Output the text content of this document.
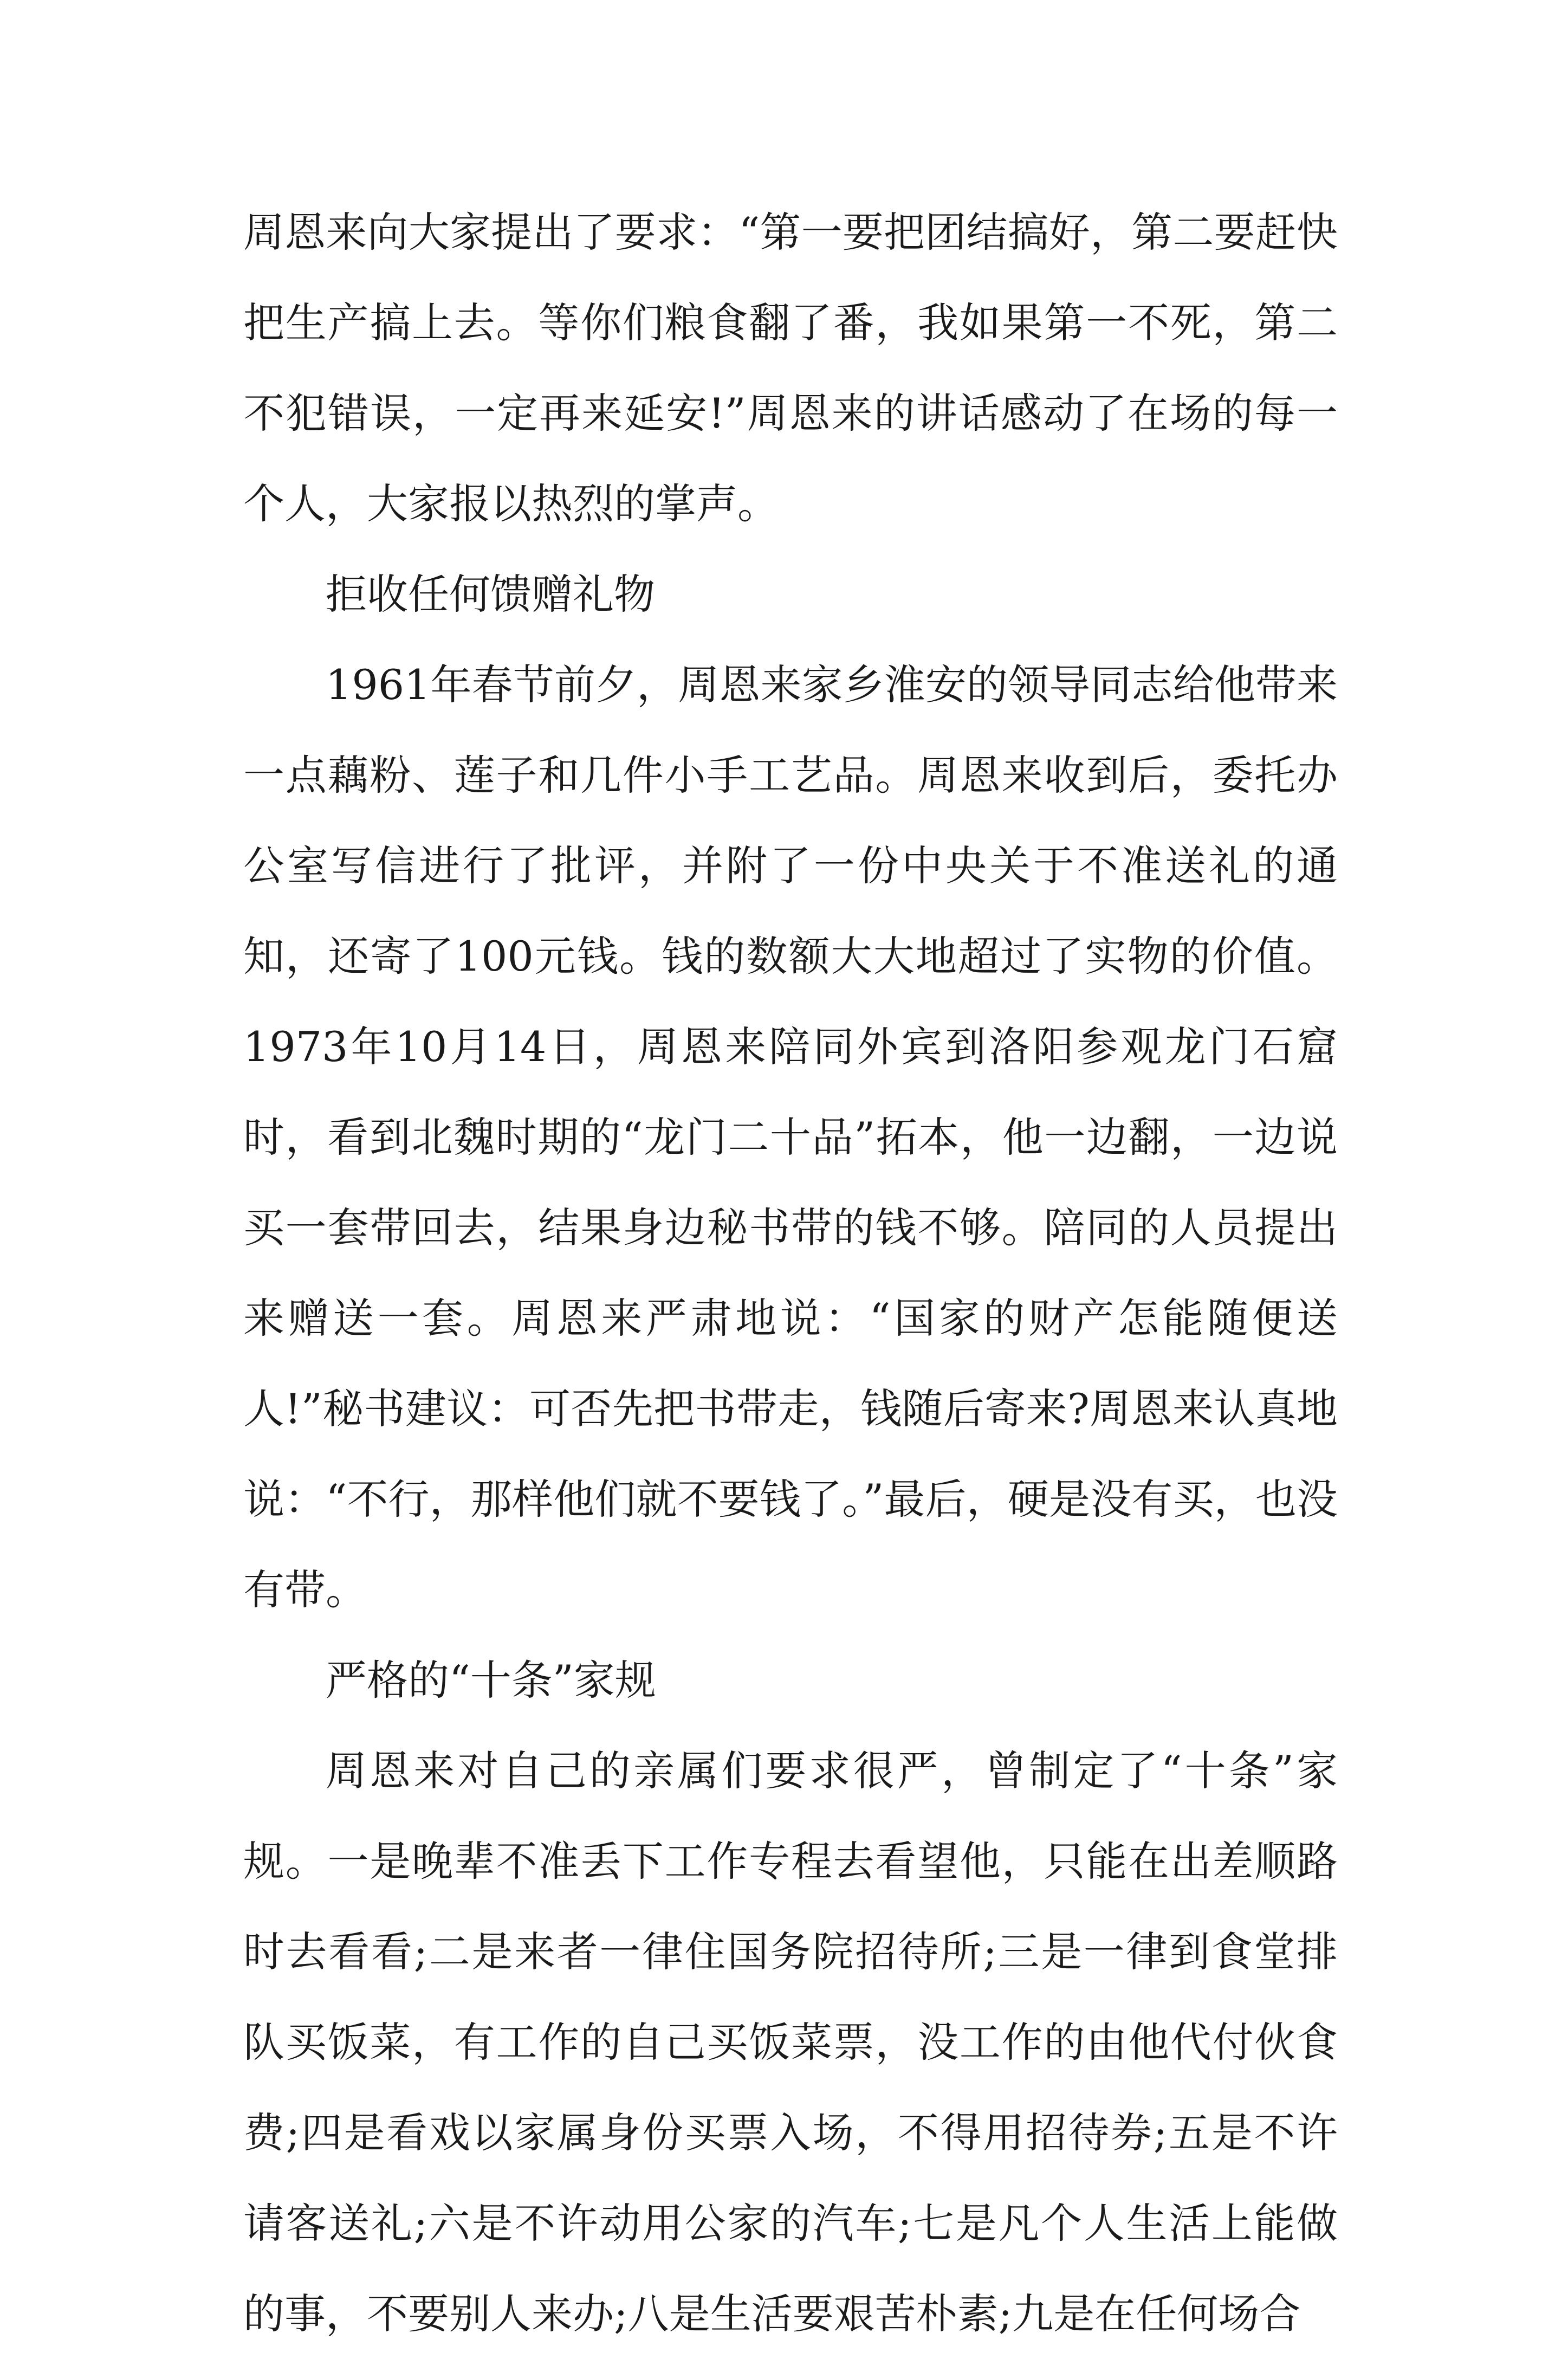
周恩来向大家提出了要求：“第一要把团结搞好，第二要赶快把生产搞上去。等你们粮食翻了番，我如果第一不死，第二不犯错误，一定再来延安!”周恩来的讲话感动了在场的每一个人，大家报以热烈的掌声。

拒收任何馈赠礼物

1961年春节前夕，周恩来家乡淮安的领导同志给他带来一点藕粉、莲子和几件小手工艺品。周恩来收到后，委托办公室写信进行了批评，并附了一份中央关于不准送礼的通知，还寄了100元钱。钱的数额大大地超过了实物的价值。1973年10月14日，周恩来陪同外宾到洛阳参观龙门石窟时，看到北魏时期的“龙门二十品”拓本，他一边翻，一边说买一套带回去，结果身边秘书带的钱不够。陪同的人员提出来赠送一套。周恩来严肃地说：“国家的财产怎能随便送人!”秘书建议：可否先把书带走，钱随后寄来?周恩来认真地说：“不行，那样他们就不要钱了。”最后，硬是没有买，也没有带。

严格的“十条”家规

周恩来对自己的亲属们要求很严，曾制定了“十条”家规。一是晚辈不准丢下工作专程去看望他，只能在出差顺路时去看看;二是来者一律住国务院招待所;三是一律到食堂排队买饭菜，有工作的自己买饭菜票，没工作的由他代付伙食费;四是看戏以家属身份买票入场，不得用招待券;五是不许请客送礼;六是不许动用公家的汽车;七是凡个人生活上能做的事，不要别人来办;八是生活要艰苦朴素;九是在任何场合
